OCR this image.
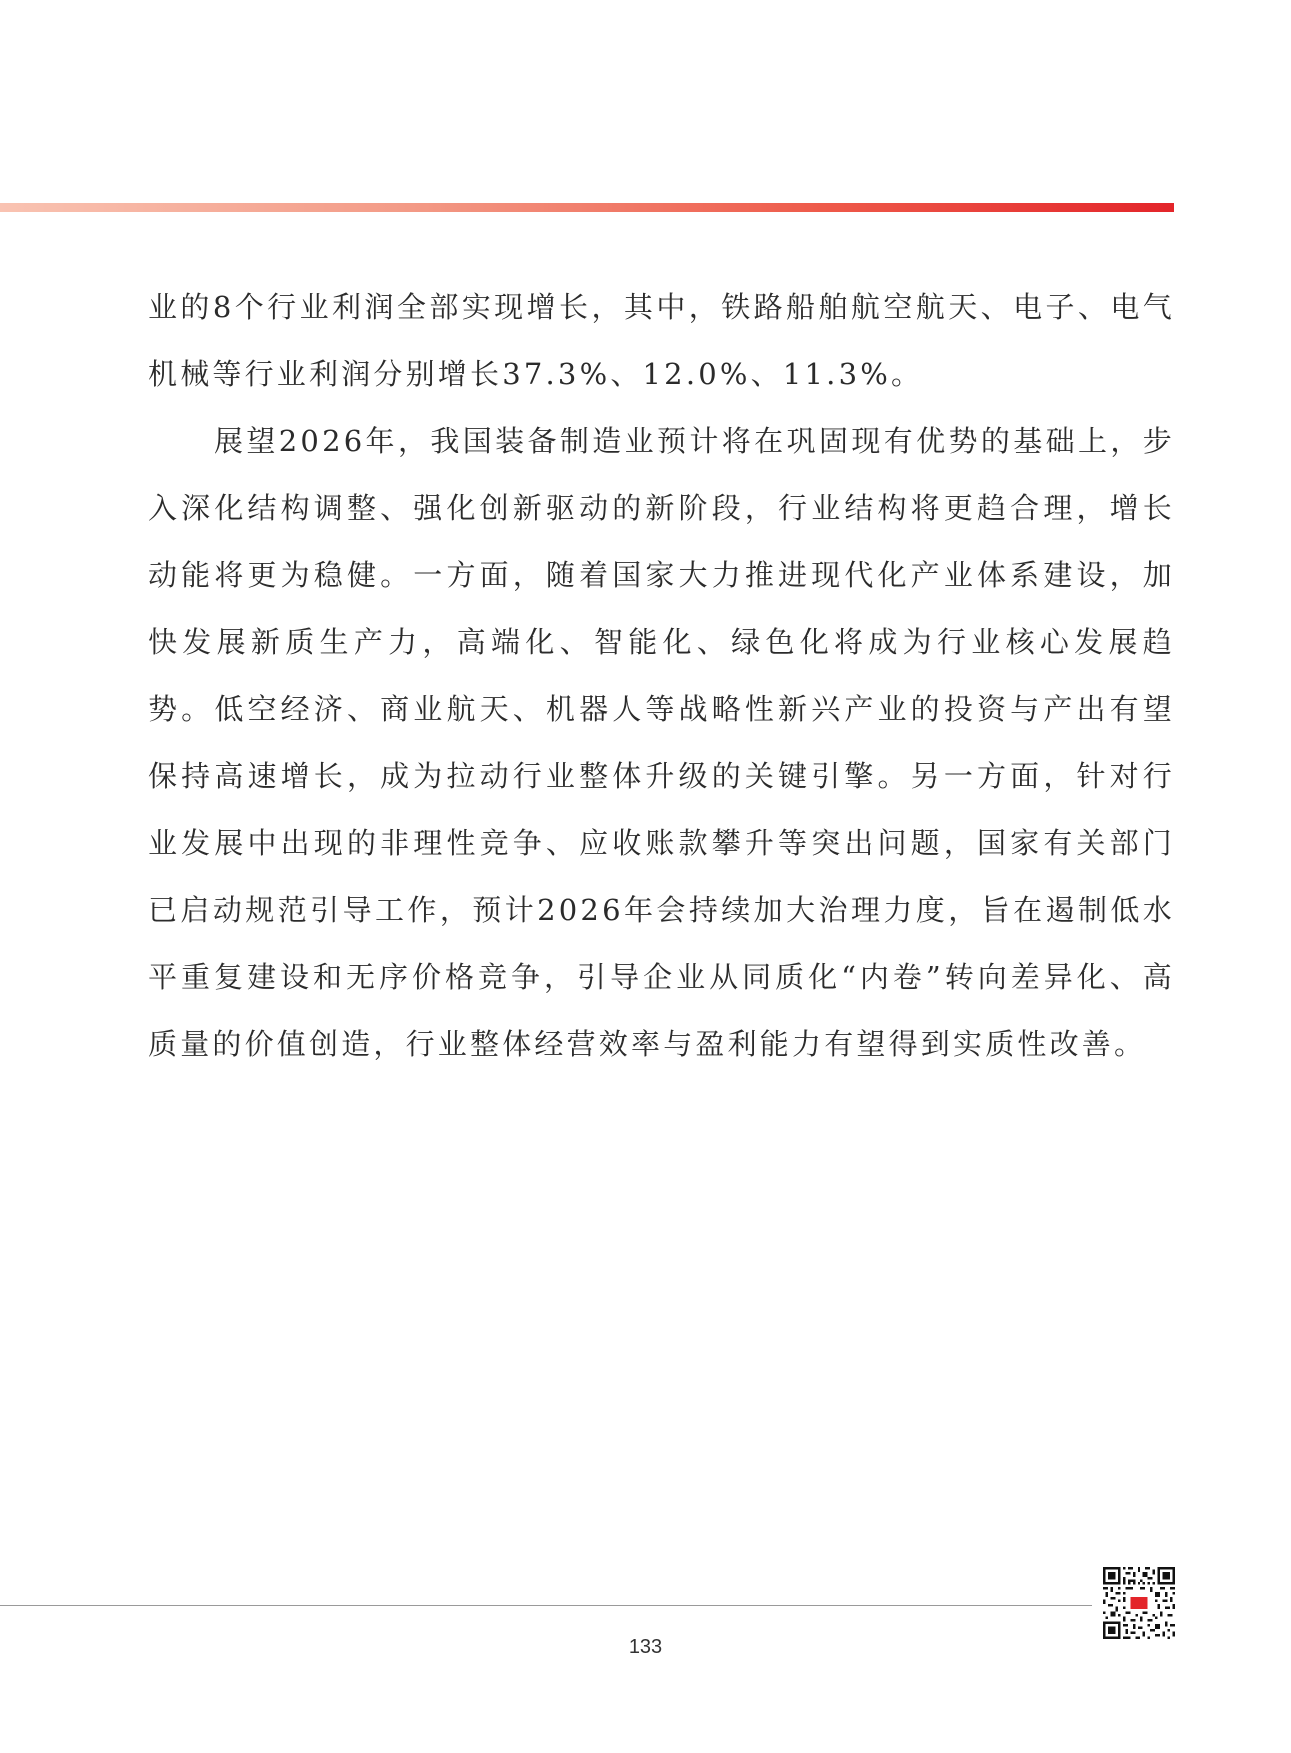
业的8个行业利润全部实现增长，其中，铁路船舶航空航天、电子、电气机械等行业利润分别增长37.3%、12.0%、11.3%。

展望2026年，我国装备制造业预计将在巩固现有优势的基础上，步入深化结构调整、强化创新驱动的新阶段，行业结构将更趋合理，增长动能将更为稳健。一方面，随着国家大力推进现代化产业体系建设，加快发展新质生产力，高端化、智能化、绿色化将成为行业核心发展趋势。低空经济、商业航天、机器人等战略性新兴产业的投资与产出有望保持高速增长，成为拉动行业整体升级的关键引擎。另一方面，针对行业发展中出现的非理性竞争、应收账款攀升等突出问题，国家有关部门已启动规范引导工作，预计2026年会持续加大治理力度，旨在遏制低水平重复建设和无序价格竞争，引导企业从同质化“内卷”转向差异化、高质量的价值创造，行业整体经营效率与盈利能力有望得到实质性改善。

133
